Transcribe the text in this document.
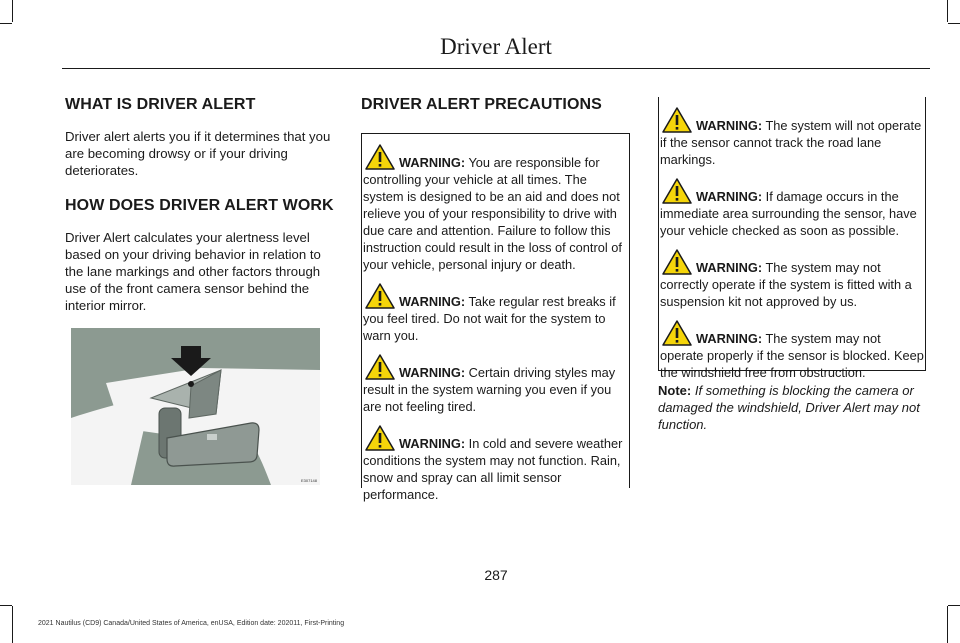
Driver Alert
WHAT IS DRIVER ALERT

Driver alert alerts you if it determines that you are becoming drowsy or if your driving deteriorates.

HOW DOES DRIVER ALERT WORK

Driver Alert calculates your alertness level based on your driving behavior in relation to the lane markings and other factors through use of the front camera sensor behind the interior mirror.

E307148
DRIVER ALERT PRECAUTIONS
WARNING: You are responsible for controlling your vehicle at all times. The system is designed to be an aid and does not relieve you of your responsibility to drive with due care and attention. Failure to follow this instruction could result in the loss of control of your vehicle, personal injury or death.
WARNING: Take regular rest breaks if you feel tired. Do not wait for the system to warn you.
WARNING: Certain driving styles may result in the system warning you even if you are not feeling tired.
WARNING: In cold and severe weather conditions the system may not function. Rain, snow and spray can all limit sensor performance.
WARNING: The system will not operate if the sensor cannot track the road lane markings.
WARNING: If damage occurs in the immediate area surrounding the sensor, have your vehicle checked as soon as possible.
WARNING: The system may not correctly operate if the system is fitted with a suspension kit not approved by us.
WARNING: The system may not operate properly if the sensor is blocked. Keep the windshield free from obstruction.
Note: If something is blocking the camera or damaged the windshield, Driver Alert may not function.
287
2021 Nautilus (CD9) Canada/United States of America, enUSA, Edition date: 202011, First-Printing
